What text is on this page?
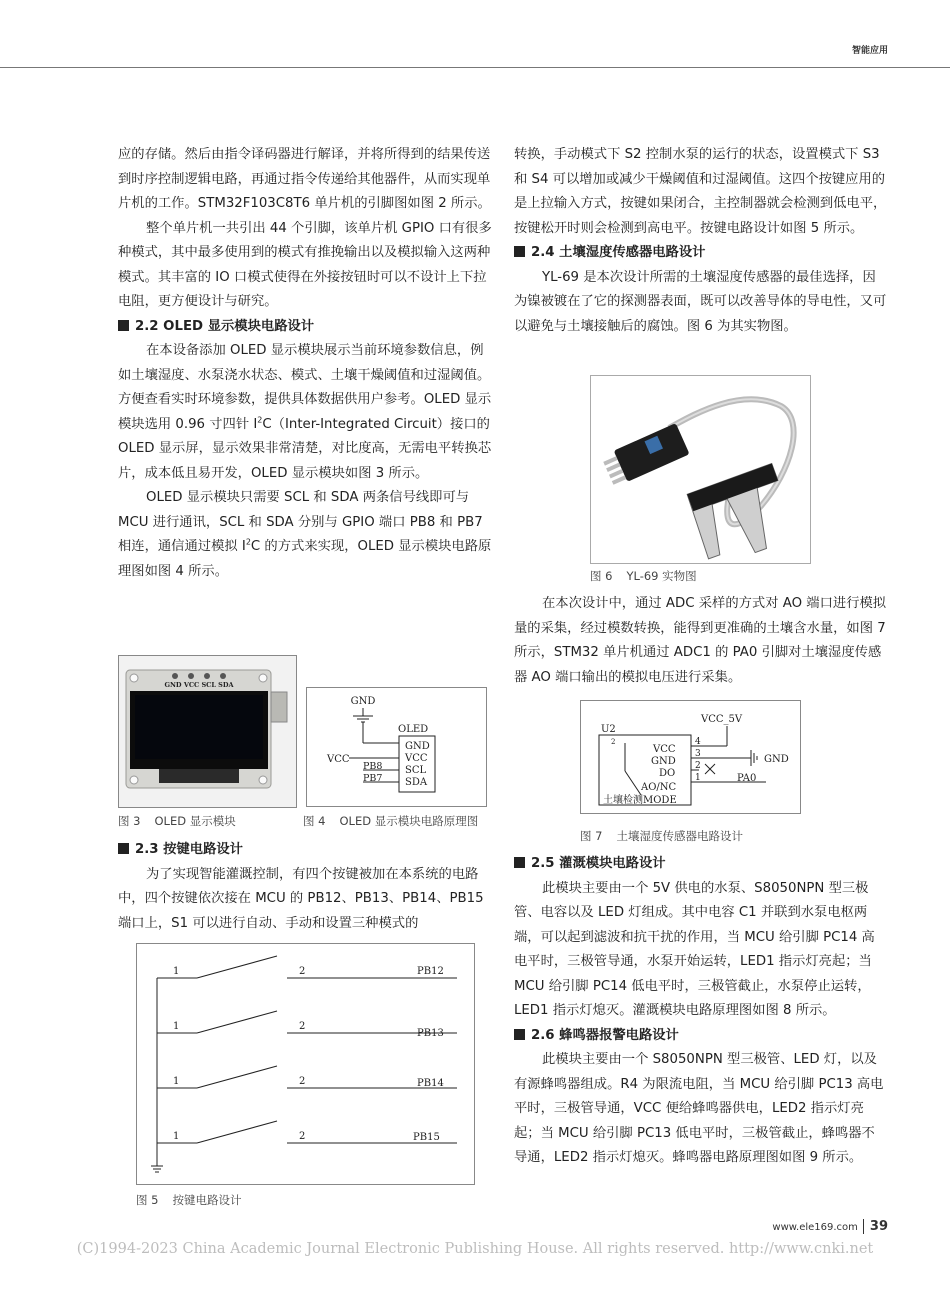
智能应用

应的存储。然后由指令译码器进行解译，并将所得到的结果传送到时序控制逻辑电路，再通过指令传递给其他器件，从而实现单片机的工作。STM32F103C8T6 单片机的引脚图如图 2 所示。

整个单片机一共引出 44 个引脚，该单片机 GPIO 口有很多种模式，其中最多使用到的模式有推挽输出以及模拟输入这两种模式。其丰富的 IO 口模式使得在外接按钮时可以不设计上下拉电阻，更方便设计与研究。

2.2 OLED 显示模块电路设计

在本设备添加 OLED 显示模块展示当前环境参数信息，例如土壤湿度、水泵浇水状态、模式、土壤干燥阈值和过湿阈值。方便查看实时环境参数，提供具体数据供用户参考。OLED 显示模块选用 0.96 寸四针 $I^2C(Inter$-Integrated Circuit）接口的OLED 显示屏，显示效果非常清楚，对比度高，无需电平转换芯片，成本低且易开发，OLED 显示模块如图 3 所示。

OLED 显示模块只需要 SCL 和 SDA 两条信号线即可与 MCU 进行通讯，SCL 和 SDA 分别与 GPIO 端口 PB8 和 PB7 相连，通信通过模拟 $I^2C$ 的方式来实现，OLED 显示模块电路原理图如图 4 所示。

GND VCC SCL SDA
图 3 OLED 显示模块
GND
OLED
VCC
PB8
PB7
GND
VCC
SCL
SDA
图 4 OLED 显示模块电路原理图

2.3 按键电路设计

为了实现智能灌溉控制，有四个按键被加在本系统的电路中，四个按键依次接在 MCU 的 PB12、PB13、PB14、PB15 端口上，S1 可以进行自动、手动和设置三种模式的

1	2	PB12
1	2
PB13
1	2	PB14
1	2	PB15
图 5 按键电路设计

转换，手动模式下 S2 控制水泵的运行的状态，设置模式下 S3 和 S4 可以增加或减少干燥阈值和过湿阈值。这四个按键应用的是上拉输入方式，按键如果闭合，主控制器就会检测到低电平，按键松开时则会检测到高电平。按键电路设计如图 5 所示。

2.4 土壤湿度传感器电路设计

YL-69 是本次设计所需的土壤湿度传感器的最佳选择，因为镍被镀在了它的探测器表面，既可以改善导体的导电性，又可以避免与土壤接触后的腐蚀。图 6 为其实物图。

图 6 YL-69 实物图

在本次设计中，通过 ADC 采样的方式对 AO 端口进行模拟量的采集，经过模数转换，能得到更准确的土壤含水量，如图 7 所示，STM32 单片机通过 ADC1 的 PA0 引脚对土壤湿度传感器 AO 端口输出的模拟电压进行采集。

VCC_5V
U2
2
VCC
GND
DO
AO/NC
4
3
2
1
GND
PA0
土壤检测MODE
图 7 土壤湿度传感器电路设计

2.5 灌溉模块电路设计

此模块主要由一个 5V 供电的水泵、S8050NPN 型三极管、电容以及 LED 灯组成。其中电容 C1 并联到水泵电枢两端，可以起到滤波和抗干扰的作用，当 MCU 给引脚 PC14 高电平时，三极管导通，水泵开始运转，LED1 指示灯亮起；当 MCU 给引脚 PC14 低电平时，三极管截止，水泵停止运转，LED1 指示灯熄灭。灌溉模块电路原理图如图 8 所示。

2.6 蜂鸣器报警电路设计

此模块主要由一个 S8050NPN 型三极管、LED 灯，以及有源蜂鸣器组成。R4 为限流电阻，当 MCU 给引脚 PC13 高电平时，三极管导通，VCC 便给蜂鸣器供电，LED2 指示灯亮起；当 MCU 给引脚 PC13 低电平时，三极管截止，蜂鸣器不导通，LED2 指示灯熄灭。蜂鸣器电路原理图如图 9 所示。

www.ele169.com 39
(C)1994-2023 China Academic Journal Electronic Publishing House. All rights reserved. http://www.cnki.net
